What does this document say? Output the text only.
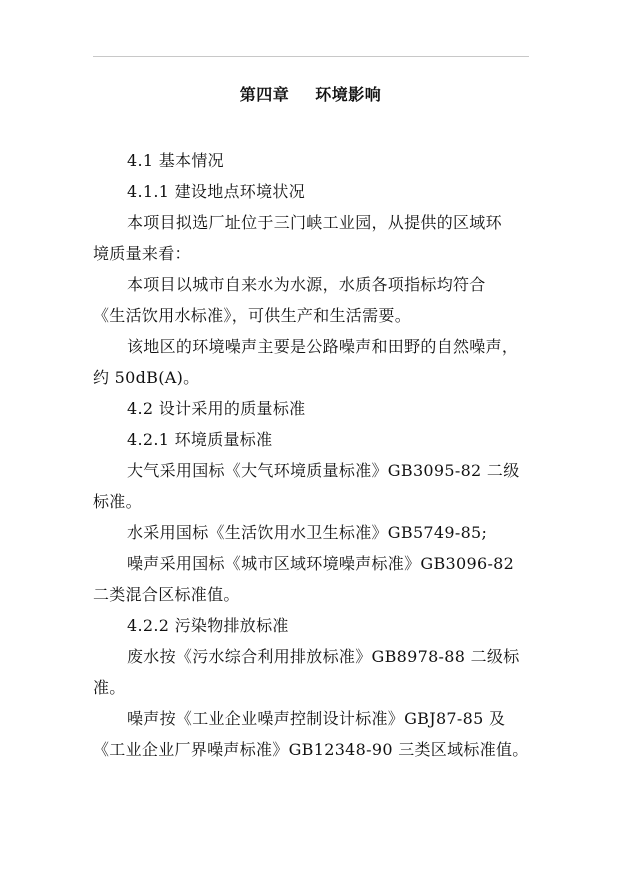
第四章 环境影响
4.1 基本情况
4.1.1 建设地点环境状况
本项目拟选厂址位于三门峡工业园，从提供的区域环
境质量来看：
本项目以城市自来水为水源，水质各项指标均符合
《生活饮用水标准》，可供生产和生活需要。
该地区的环境噪声主要是公路噪声和田野的自然噪声，
约 50dB(A)。
4.2 设计采用的质量标准
4.2.1 环境质量标准
大气采用国标《大气环境质量标准》GB3095-82 二级
标准。
水采用国标《生活饮用水卫生标准》GB5749-85;
噪声采用国标《城市区域环境噪声标准》GB3096-82
二类混合区标准值。
4.2.2 污染物排放标准
废水按《污水综合利用排放标准》GB8978-88 二级标
准。
噪声按《工业企业噪声控制设计标准》GBJ87-85 及
《工业企业厂界噪声标准》GB12348-90 三类区域标准值。
